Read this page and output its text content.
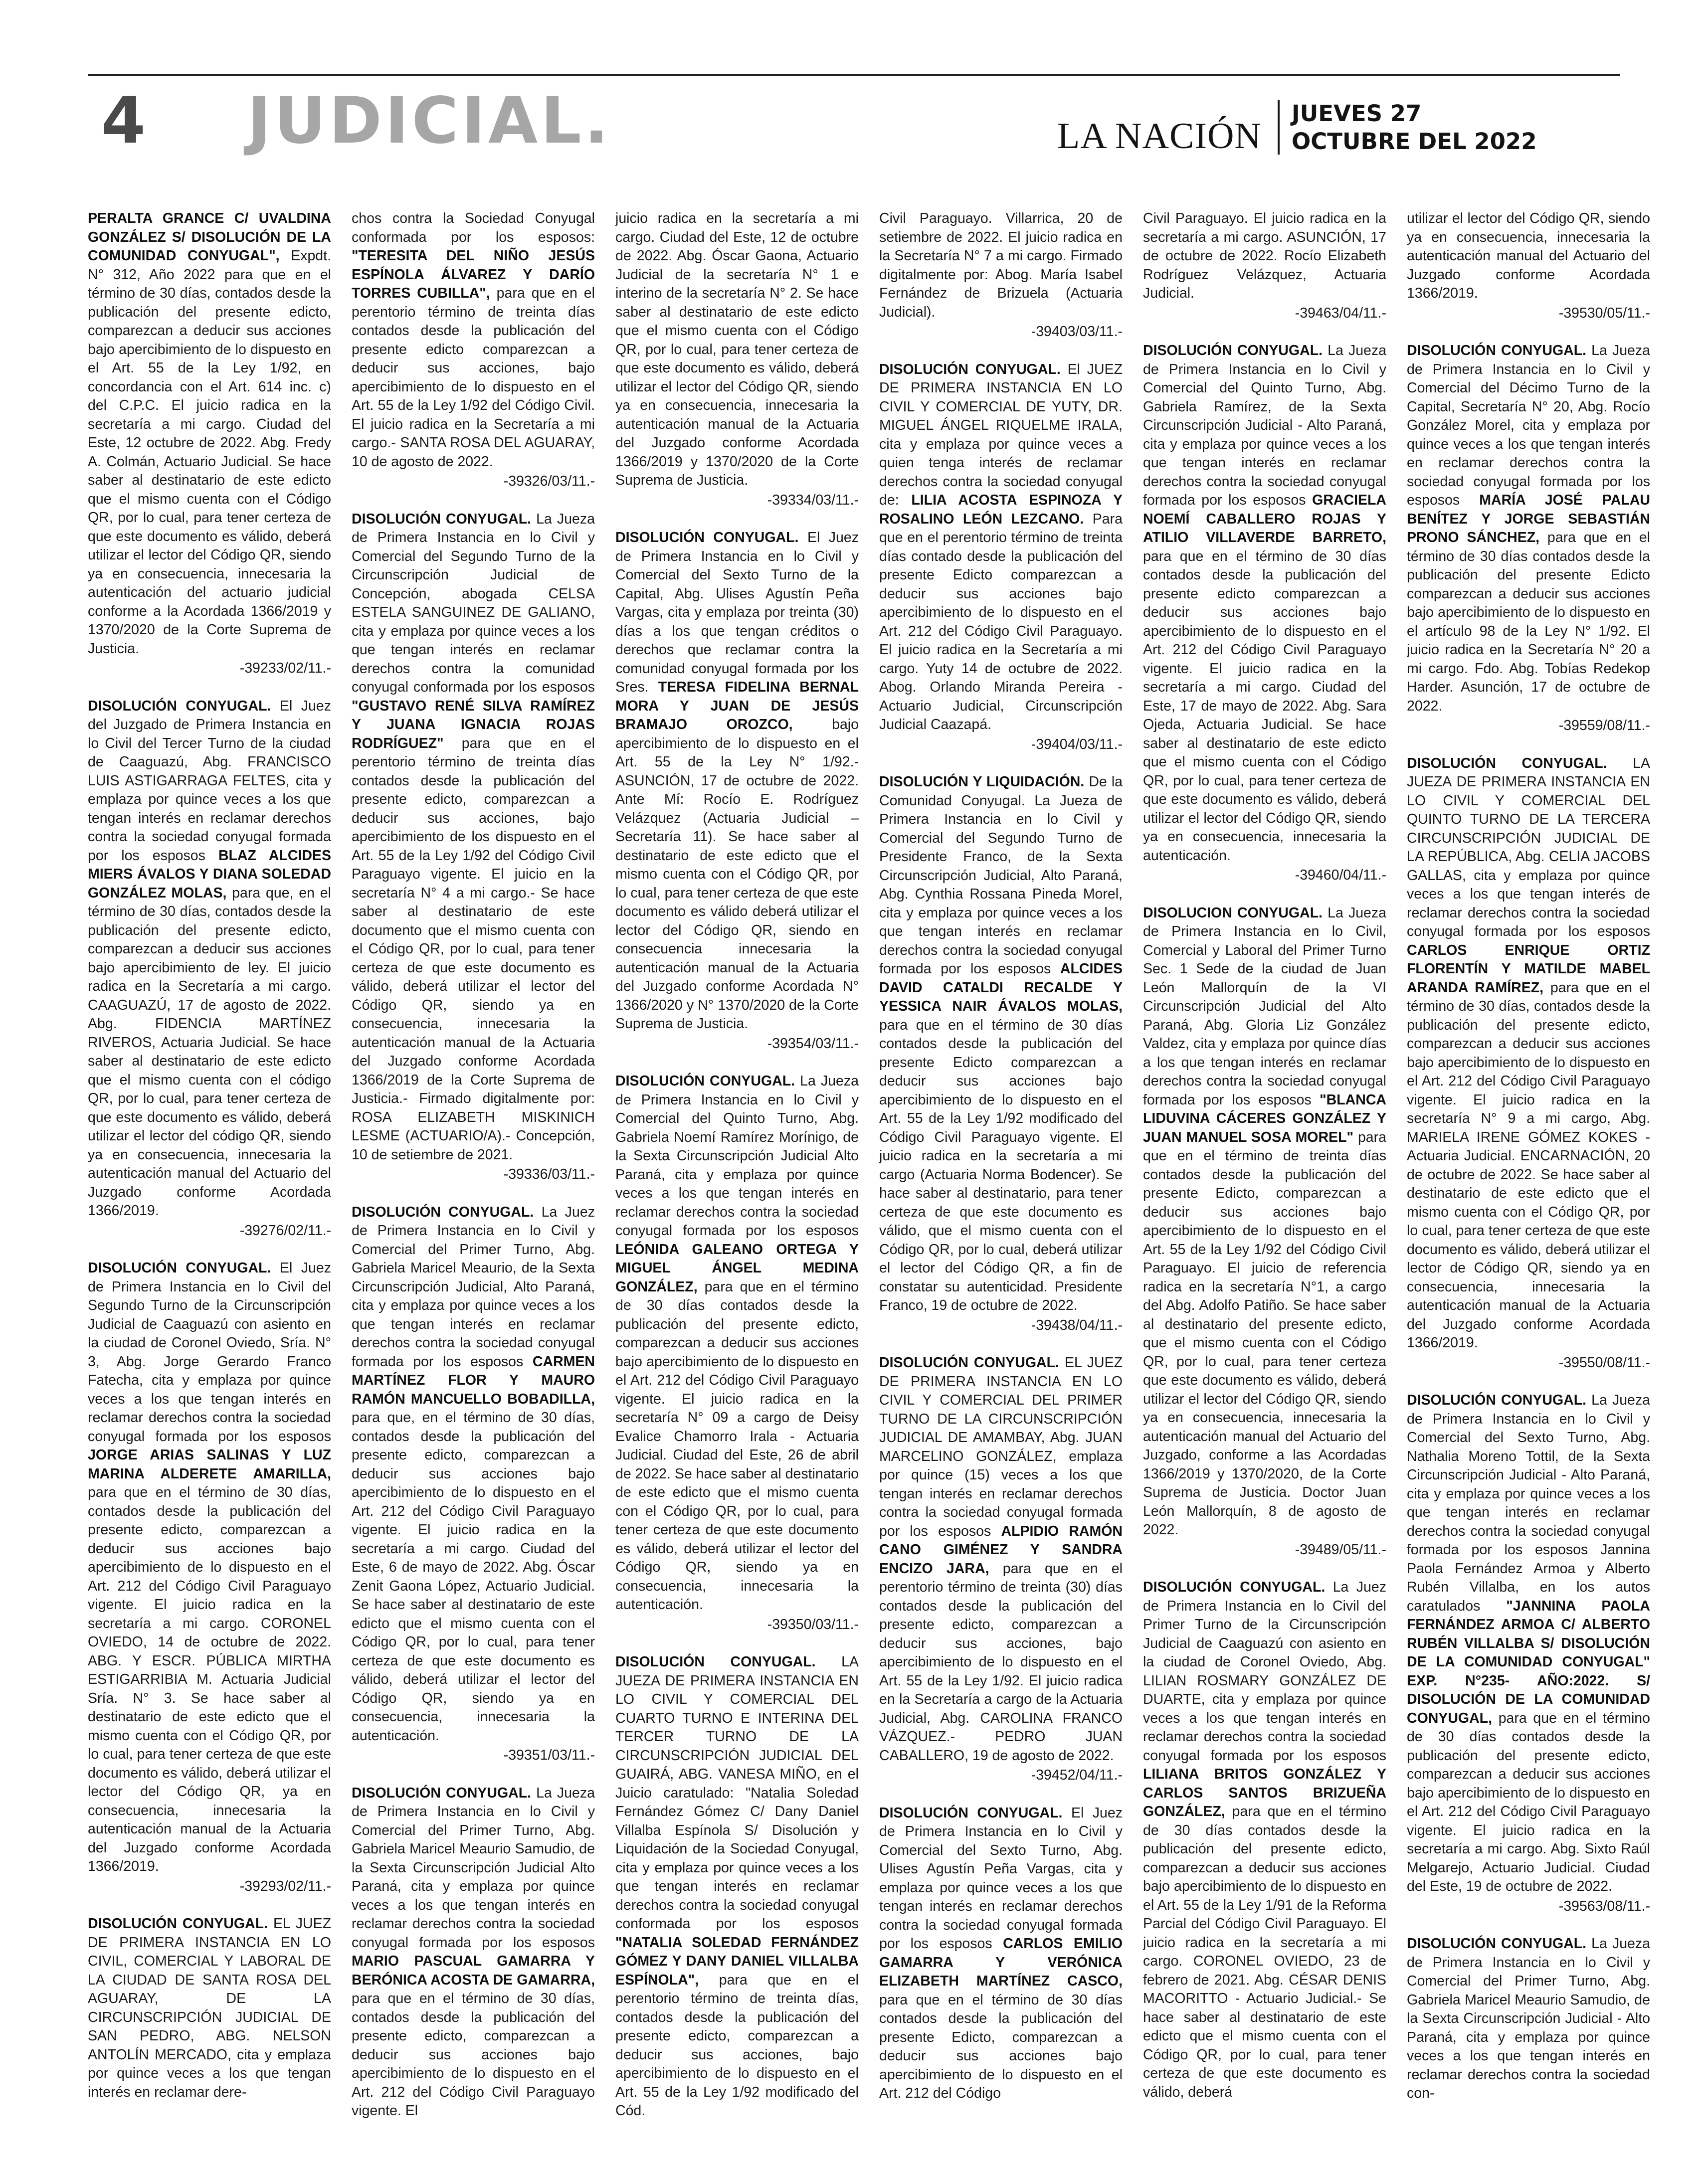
4 JUDICIAL.	LA NACIÓN
JUEVES 27
OCTUBRE DEL 2022

PERALTA GRANCE C/ UVALDINA GONZÁLEZ S/ DISOLUCIÓN DE LA COMUNIDAD CONYUGAL", Expdt. N° 312, Año 2022 para que en el término de 30 días, contados desde la publicación del presente edicto, comparezcan a deducir sus acciones bajo apercibimiento de lo dispuesto en el Art. 55 de la Ley 1/92, en concordancia con el Art. 614 inc. c) del C.P.C. El juicio radica en la secretaría a mi cargo. Ciudad del Este, 12 octubre de 2022. Abg. Fredy A. Colmán, Actuario Judicial. Se hace saber al destinatario de este edicto que el mismo cuenta con el Código QR, por lo cual, para tener certeza de que este documento es válido, deberá utilizar el lector del Código QR, siendo ya en consecuencia, innecesaria la autenticación del actuario judicial conforme a la Acordada 1366/2019 y 1370/2020 de la Corte Suprema de Justicia.
-39233/02/11.-

DISOLUCIÓN CONYUGAL. El Juez del Juzgado de Primera Instancia en lo Civil del Tercer Turno de la ciudad de Caaguazú, Abg. FRANCISCO LUIS ASTIGARRAGA FELTES, cita y emplaza por quince veces a los que tengan interés en reclamar derechos contra la sociedad conyugal formada por los esposos BLAZ ALCIDES MIERS ÁVALOS Y DIANA SOLEDAD GONZÁLEZ MOLAS, para que, en el término de 30 días, contados desde la publicación del presente edicto, comparezcan a deducir sus acciones bajo apercibimiento de ley. El juicio radica en la Secretaría a mi cargo. CAAGUAZÚ, 17 de agosto de 2022. Abg. FIDENCIA MARTÍNEZ RIVEROS, Actuaria Judicial. Se hace saber al destinatario de este edicto que el mismo cuenta con el código QR, por lo cual, para tener certeza de que este documento es válido, deberá utilizar el lector del código QR, siendo ya en consecuencia, innecesaria la autenticación manual del Actuario del Juzgado conforme Acordada 1366/2019.
-39276/02/11.-

DISOLUCIÓN CONYUGAL. El Juez de Primera Instancia en lo Civil del Segundo Turno de la Circunscripción Judicial de Caaguazú con asiento en la ciudad de Coronel Oviedo, Sría. N° 3, Abg. Jorge Gerardo Franco Fatecha, cita y emplaza por quince veces a los que tengan interés en reclamar derechos contra la sociedad conyugal formada por los esposos JORGE ARIAS SALINAS Y LUZ MARINA ALDERETE AMARILLA, para que en el término de 30 días, contados desde la publicación del presente edicto, comparezcan a deducir sus acciones bajo apercibimiento de lo dispuesto en el Art. 212 del Código Civil Paraguayo vigente. El juicio radica en la secretaría a mi cargo. CORONEL OVIEDO, 14 de octubre de 2022. ABG. Y ESCR. PÚBLICA MIRTHA ESTIGARRIBIA M. Actuaria Judicial Sría. N° 3. Se hace saber al destinatario de este edicto que el mismo cuenta con el Código QR, por lo cual, para tener certeza de que este documento es válido, deberá utilizar el lector del Código QR, ya en consecuencia, innecesaria la autenticación manual de la Actuaria del Juzgado conforme Acordada 1366/2019.
-39293/02/11.-

DISOLUCIÓN CONYUGAL. EL JUEZ DE PRIMERA INSTANCIA EN LO CIVIL, COMERCIAL Y LABORAL DE LA CIUDAD DE SANTA ROSA DEL AGUARAY, DE LA CIRCUNSCRIPCIÓN JUDICIAL DE SAN PEDRO, ABG. NELSON ANTOLÍN MERCADO, cita y emplaza por quince veces a los que tengan interés en reclamar dere-

chos contra la Sociedad Conyugal conformada por los esposos: "TERESITA DEL NIÑO JESÚS ESPÍNOLA ÁLVAREZ Y DARÍO TORRES CUBILLA", para que en el perentorio término de treinta días contados desde la publicación del presente edicto comparezcan a deducir sus acciones, bajo apercibimiento de lo dispuesto en el Art. 55 de la Ley 1/92 del Código Civil. El juicio radica en la Secretaría a mi cargo.- SANTA ROSA DEL AGUARAY, 10 de agosto de 2022.
-39326/03/11.-

DISOLUCIÓN CONYUGAL. La Jueza de Primera Instancia en lo Civil y Comercial del Segundo Turno de la Circunscripción Judicial de Concepción, abogada CELSA ESTELA SANGUINEZ DE GALIANO, cita y emplaza por quince veces a los que tengan interés en reclamar derechos contra la comunidad conyugal conformada por los esposos "GUSTAVO RENÉ SILVA RAMÍREZ Y JUANA IGNACIA ROJAS RODRÍGUEZ" para que en el perentorio término de treinta días contados desde la publicación del presente edicto, comparezcan a deducir sus acciones, bajo apercibimiento de los dispuesto en el Art. 55 de la Ley 1/92 del Código Civil Paraguayo vigente. El juicio en la secretaría N° 4 a mi cargo.- Se hace saber al destinatario de este documento que el mismo cuenta con el Código QR, por lo cual, para tener certeza de que este documento es válido, deberá utilizar el lector del Código QR, siendo ya en consecuencia, innecesaria la autenticación manual de la Actuaria del Juzgado conforme Acordada 1366/2019 de la Corte Suprema de Justicia.- Firmado digitalmente por: ROSA ELIZABETH MISKINICH LESME (ACTUARIO/A).- Concepción, 10 de setiembre de 2021.
-39336/03/11.-

DISOLUCIÓN CONYUGAL. La Juez de Primera Instancia en lo Civil y Comercial del Primer Turno, Abg. Gabriela Maricel Meaurio, de la Sexta Circunscripción Judicial, Alto Paraná, cita y emplaza por quince veces a los que tengan interés en reclamar derechos contra la sociedad conyugal formada por los esposos CARMEN MARTÍNEZ FLOR Y MAURO RAMÓN MANCUELLO BOBADILLA, para que, en el término de 30 días, contados desde la publicación del presente edicto, comparezcan a deducir sus acciones bajo apercibimiento de lo dispuesto en el Art. 212 del Código Civil Paraguayo vigente. El juicio radica en la secretaría a mi cargo. Ciudad del Este, 6 de mayo de 2022. Abg. Óscar Zenit Gaona López, Actuario Judicial. Se hace saber al destinatario de este edicto que el mismo cuenta con el Código QR, por lo cual, para tener certeza de que este documento es válido, deberá utilizar el lector del Código QR, siendo ya en consecuencia, innecesaria la autenticación.
-39351/03/11.-

DISOLUCIÓN CONYUGAL. La Jueza de Primera Instancia en lo Civil y Comercial del Primer Turno, Abg. Gabriela Maricel Meaurio Samudio, de la Sexta Circunscripción Judicial Alto Paraná, cita y emplaza por quince veces a los que tengan interés en reclamar derechos contra la sociedad conyugal formada por los esposos MARIO PASCUAL GAMARRA Y BERÓNICA ACOSTA DE GAMARRA, para que en el término de 30 días, contados desde la publicación del presente edicto, comparezcan a deducir sus acciones bajo apercibimiento de lo dispuesto en el Art. 212 del Código Civil Paraguayo vigente. El

juicio radica en la secretaría a mi cargo. Ciudad del Este, 12 de octubre de 2022. Abg. Óscar Gaona, Actuario Judicial de la secretaría N° 1 e interino de la secretaría N° 2. Se hace saber al destinatario de este edicto que el mismo cuenta con el Código QR, por lo cual, para tener certeza de que este documento es válido, deberá utilizar el lector del Código QR, siendo ya en consecuencia, innecesaria la autenticación manual de la Actuaria del Juzgado conforme Acordada 1366/2019 y 1370/2020 de la Corte Suprema de Justicia.
-39334/03/11.-

DISOLUCIÓN CONYUGAL. El Juez de Primera Instancia en lo Civil y Comercial del Sexto Turno de la Capital, Abg. Ulises Agustín Peña Vargas, cita y emplaza por treinta (30) días a los que tengan créditos o derechos que reclamar contra la comunidad conyugal formada por los Sres. TERESA FIDELINA BERNAL MORA Y JUAN DE JESÚS BRAMAJO OROZCO, bajo apercibimiento de lo dispuesto en el Art. 55 de la Ley N° 1/92.- ASUNCIÓN, 17 de octubre de 2022. Ante Mí: Rocío E. Rodríguez Velázquez (Actuaria Judicial – Secretaría 11). Se hace saber al destinatario de este edicto que el mismo cuenta con el Código QR, por lo cual, para tener certeza de que este documento es válido deberá utilizar el lector del Código QR, siendo en consecuencia innecesaria la autenticación manual de la Actuaria del Juzgado conforme Acordada N° 1366/2020 y N° 1370/2020 de la Corte Suprema de Justicia.
-39354/03/11.-

DISOLUCIÓN CONYUGAL. La Jueza de Primera Instancia en lo Civil y Comercial del Quinto Turno, Abg. Gabriela Noemí Ramírez Morínigo, de la Sexta Circunscripción Judicial Alto Paraná, cita y emplaza por quince veces a los que tengan interés en reclamar derechos contra la sociedad conyugal formada por los esposos LEÓNIDA GALEANO ORTEGA Y MIGUEL ÁNGEL MEDINA GONZÁLEZ, para que en el término de 30 días contados desde la publicación del presente edicto, comparezcan a deducir sus acciones bajo apercibimiento de lo dispuesto en el Art. 212 del Código Civil Paraguayo vigente. El juicio radica en la secretaría N° 09 a cargo de Deisy Evalice Chamorro Irala - Actuaria Judicial. Ciudad del Este, 26 de abril de 2022. Se hace saber al destinatario de este edicto que el mismo cuenta con el Código QR, por lo cual, para tener certeza de que este documento es válido, deberá utilizar el lector del Código QR, siendo ya en consecuencia, innecesaria la autenticación.
-39350/03/11.-

DISOLUCIÓN CONYUGAL. LA JUEZA DE PRIMERA INSTANCIA EN LO CIVIL Y COMERCIAL DEL CUARTO TURNO E INTERINA DEL TERCER TURNO DE LA CIRCUNSCRIPCIÓN JUDICIAL DEL GUAIRÁ, ABG. VANESA MIÑO, en el Juicio caratulado: "Natalia Soledad Fernández Gómez C/ Dany Daniel Villalba Espínola S/ Disolución y Liquidación de la Sociedad Conyugal, cita y emplaza por quince veces a los que tengan interés en reclamar derechos contra la sociedad conyugal conformada por los esposos "NATALIA SOLEDAD FERNÁNDEZ GÓMEZ Y DANY DANIEL VILLALBA ESPÍNOLA", para que en el perentorio término de treinta días, contados desde la publicación del presente edicto, comparezcan a deducir sus acciones, bajo apercibimiento de lo dispuesto en el Art. 55 de la Ley 1/92 modificado del Cód.

Civil Paraguayo. Villarrica, 20 de setiembre de 2022. El juicio radica en la Secretaría N° 7 a mi cargo. Firmado digitalmente por: Abog. María Isabel Fernández de Brizuela (Actuaria Judicial).
-39403/03/11.-

DISOLUCIÓN CONYUGAL. El JUEZ DE PRIMERA INSTANCIA EN LO CIVIL Y COMERCIAL DE YUTY, DR. MIGUEL ÁNGEL RIQUELME IRALA, cita y emplaza por quince veces a quien tenga interés de reclamar derechos contra la sociedad conyugal de: LILIA ACOSTA ESPINOZA Y ROSALINO LEÓN LEZCANO. Para que en el perentorio término de treinta días contado desde la publicación del presente Edicto comparezcan a deducir sus acciones bajo apercibimiento de lo dispuesto en el Art. 212 del Código Civil Paraguayo. El juicio radica en la Secretaría a mi cargo. Yuty 14 de octubre de 2022. Abog. Orlando Miranda Pereira - Actuario Judicial, Circunscripción Judicial Caazapá.
-39404/03/11.-

DISOLUCIÓN Y LIQUIDACIÓN. De la Comunidad Conyugal. La Jueza de Primera Instancia en lo Civil y Comercial del Segundo Turno de Presidente Franco, de la Sexta Circunscripción Judicial, Alto Paraná, Abg. Cynthia Rossana Pineda Morel, cita y emplaza por quince veces a los que tengan interés en reclamar derechos contra la sociedad conyugal formada por los esposos ALCIDES DAVID CATALDI RECALDE Y YESSICA NAIR ÁVALOS MOLAS, para que en el término de 30 días contados desde la publicación del presente Edicto comparezcan a deducir sus acciones bajo apercibimiento de lo dispuesto en el Art. 55 de la Ley 1/92 modificado del Código Civil Paraguayo vigente. El juicio radica en la secretaría a mi cargo (Actuaria Norma Bodencer). Se hace saber al destinatario, para tener certeza de que este documento es válido, que el mismo cuenta con el Código QR, por lo cual, deberá utilizar el lector del Código QR, a fin de constatar su autenticidad. Presidente Franco, 19 de octubre de 2022.
-39438/04/11.-

DISOLUCIÓN CONYUGAL. EL JUEZ DE PRIMERA INSTANCIA EN LO CIVIL Y COMERCIAL DEL PRIMER TURNO DE LA CIRCUNSCRIPCIÓN JUDICIAL DE AMAMBAY, Abg. JUAN MARCELINO GONZÁLEZ, emplaza por quince (15) veces a los que tengan interés en reclamar derechos contra la sociedad conyugal formada por los esposos ALPIDIO RAMÓN CANO GIMÉNEZ Y SANDRA ENCIZO JARA, para que en el perentorio término de treinta (30) días contados desde la publicación del presente edicto, comparezcan a deducir sus acciones, bajo apercibimiento de lo dispuesto en el Art. 55 de la Ley 1/92. El juicio radica en la Secretaría a cargo de la Actuaria Judicial, Abg. CAROLINA FRANCO VÁZQUEZ.- PEDRO JUAN CABALLERO, 19 de agosto de 2022.
-39452/04/11.-

DISOLUCIÓN CONYUGAL. El Juez de Primera Instancia en lo Civil y Comercial del Sexto Turno, Abg. Ulises Agustín Peña Vargas, cita y emplaza por quince veces a los que tengan interés en reclamar derechos contra la sociedad conyugal formada por los esposos CARLOS EMILIO GAMARRA Y VERÓNICA ELIZABETH MARTÍNEZ CASCO, para que en el término de 30 días contados desde la publicación del presente Edicto, comparezcan a deducir sus acciones bajo apercibimiento de lo dispuesto en el Art. 212 del Código

Civil Paraguayo. El juicio radica en la secretaría a mi cargo. ASUNCIÓN, 17 de octubre de 2022. Rocío Elizabeth Rodríguez Velázquez, Actuaria Judicial.
-39463/04/11.-

DISOLUCIÓN CONYUGAL. La Jueza de Primera Instancia en lo Civil y Comercial del Quinto Turno, Abg. Gabriela Ramírez, de la Sexta Circunscripción Judicial - Alto Paraná, cita y emplaza por quince veces a los que tengan interés en reclamar derechos contra la sociedad conyugal formada por los esposos GRACIELA NOEMÍ CABALLERO ROJAS Y ATILIO VILLAVERDE BARRETO, para que en el término de 30 días contados desde la publicación del presente edicto comparezcan a deducir sus acciones bajo apercibimiento de lo dispuesto en el Art. 212 del Código Civil Paraguayo vigente. El juicio radica en la secretaría a mi cargo. Ciudad del Este, 17 de mayo de 2022. Abg. Sara Ojeda, Actuaria Judicial. Se hace saber al destinatario de este edicto que el mismo cuenta con el Código QR, por lo cual, para tener certeza de que este documento es válido, deberá utilizar el lector del Código QR, siendo ya en consecuencia, innecesaria la autenticación.
-39460/04/11.-

DISOLUCION CONYUGAL. La Jueza de Primera Instancia en lo Civil, Comercial y Laboral del Primer Turno Sec. 1 Sede de la ciudad de Juan León Mallorquín de la VI Circunscripción Judicial del Alto Paraná, Abg. Gloria Liz González Valdez, cita y emplaza por quince días a los que tengan interés en reclamar derechos contra la sociedad conyugal formada por los esposos "BLANCA LIDUVINA CÁCERES GONZÁLEZ Y JUAN MANUEL SOSA MOREL" para que en el término de treinta días contados desde la publicación del presente Edicto, comparezcan a deducir sus acciones bajo apercibimiento de lo dispuesto en el Art. 55 de la Ley 1/92 del Código Civil Paraguayo. El juicio de referencia radica en la secretaría N°1, a cargo del Abg. Adolfo Patiño. Se hace saber al destinatario del presente edicto, que el mismo cuenta con el Código QR, por lo cual, para tener certeza que este documento es válido, deberá utilizar el lector del Código QR, siendo ya en consecuencia, innecesaria la autenticación manual del Actuario del Juzgado, conforme a las Acordadas 1366/2019 y 1370/2020, de la Corte Suprema de Justicia. Doctor Juan León Mallorquín, 8 de agosto de 2022.
-39489/05/11.-

DISOLUCIÓN CONYUGAL. La Juez de Primera Instancia en lo Civil del Primer Turno de la Circunscripción Judicial de Caaguazú con asiento en la ciudad de Coronel Oviedo, Abg. LILIAN ROSMARY GONZÁLEZ DE DUARTE, cita y emplaza por quince veces a los que tengan interés en reclamar derechos contra la sociedad conyugal formada por los esposos LILIANA BRITOS GONZÁLEZ Y CARLOS SANTOS BRIZUEÑA GONZÁLEZ, para que en el término de 30 días contados desde la publicación del presente edicto, comparezcan a deducir sus acciones bajo apercibimiento de lo dispuesto en el Art. 55 de la Ley 1/91 de la Reforma Parcial del Código Civil Paraguayo. El juicio radica en la secretaría a mi cargo. CORONEL OVIEDO, 23 de febrero de 2021. Abg. CÉSAR DENIS MACORITTO - Actuario Judicial.- Se hace saber al destinatario de este edicto que el mismo cuenta con el Código QR, por lo cual, para tener certeza de que este documento es válido, deberá

utilizar el lector del Código QR, siendo ya en consecuencia, innecesaria la autenticación manual del Actuario del Juzgado conforme Acordada 1366/2019.
-39530/05/11.-

DISOLUCIÓN CONYUGAL. La Jueza de Primera Instancia en lo Civil y Comercial del Décimo Turno de la Capital, Secretaría N° 20, Abg. Rocío González Morel, cita y emplaza por quince veces a los que tengan interés en reclamar derechos contra la sociedad conyugal formada por los esposos MARÍA JOSÉ PALAU BENÍTEZ Y JORGE SEBASTIÁN PRONO SÁNCHEZ, para que en el término de 30 días contados desde la publicación del presente Edicto comparezcan a deducir sus acciones bajo apercibimiento de lo dispuesto en el artículo 98 de la Ley N° 1/92. El juicio radica en la Secretaría N° 20 a mi cargo. Fdo. Abg. Tobías Redekop Harder. Asunción, 17 de octubre de 2022.
-39559/08/11.-

DISOLUCIÓN CONYUGAL. LA JUEZA DE PRIMERA INSTANCIA EN LO CIVIL Y COMERCIAL DEL QUINTO TURNO DE LA TERCERA CIRCUNSCRIPCIÓN JUDICIAL DE LA REPÚBLICA, Abg. CELIA JACOBS GALLAS, cita y emplaza por quince veces a los que tengan interés de reclamar derechos contra la sociedad conyugal formada por los esposos CARLOS ENRIQUE ORTIZ FLORENTÍN Y MATILDE MABEL ARANDA RAMÍREZ, para que en el término de 30 días, contados desde la publicación del presente edicto, comparezcan a deducir sus acciones bajo apercibimiento de lo dispuesto en el Art. 212 del Código Civil Paraguayo vigente. El juicio radica en la secretaría N° 9 a mi cargo, Abg. MARIELA IRENE GÓMEZ KOKES - Actuaria Judicial. ENCARNACIÓN, 20 de octubre de 2022. Se hace saber al destinatario de este edicto que el mismo cuenta con el Código QR, por lo cual, para tener certeza de que este documento es válido, deberá utilizar el lector de Código QR, siendo ya en consecuencia, innecesaria la autenticación manual de la Actuaria del Juzgado conforme Acordada 1366/2019.
-39550/08/11.-

DISOLUCIÓN CONYUGAL. La Jueza de Primera Instancia en lo Civil y Comercial del Sexto Turno, Abg. Nathalia Moreno Tottil, de la Sexta Circunscripción Judicial - Alto Paraná, cita y emplaza por quince veces a los que tengan interés en reclamar derechos contra la sociedad conyugal formada por los esposos Jannina Paola Fernández Armoa y Alberto Rubén Villalba, en los autos caratulados "JANNINA PAOLA FERNÁNDEZ ARMOA C/ ALBERTO RUBÉN VILLALBA S/ DISOLUCIÓN DE LA COMUNIDAD CONYUGAL" EXP. N°235- AÑO:2022. S/ DISOLUCIÓN DE LA COMUNIDAD CONYUGAL, para que en el término de 30 días contados desde la publicación del presente edicto, comparezcan a deducir sus acciones bajo apercibimiento de lo dispuesto en el Art. 212 del Código Civil Paraguayo vigente. El juicio radica en la secretaría a mi cargo. Abg. Sixto Raúl Melgarejo, Actuario Judicial. Ciudad del Este, 19 de octubre de 2022.
-39563/08/11.-

DISOLUCIÓN CONYUGAL. La Jueza de Primera Instancia en lo Civil y Comercial del Primer Turno, Abg. Gabriela Maricel Meaurio Samudio, de la Sexta Circunscripción Judicial - Alto Paraná, cita y emplaza por quince veces a los que tengan interés en reclamar derechos contra la sociedad con-
